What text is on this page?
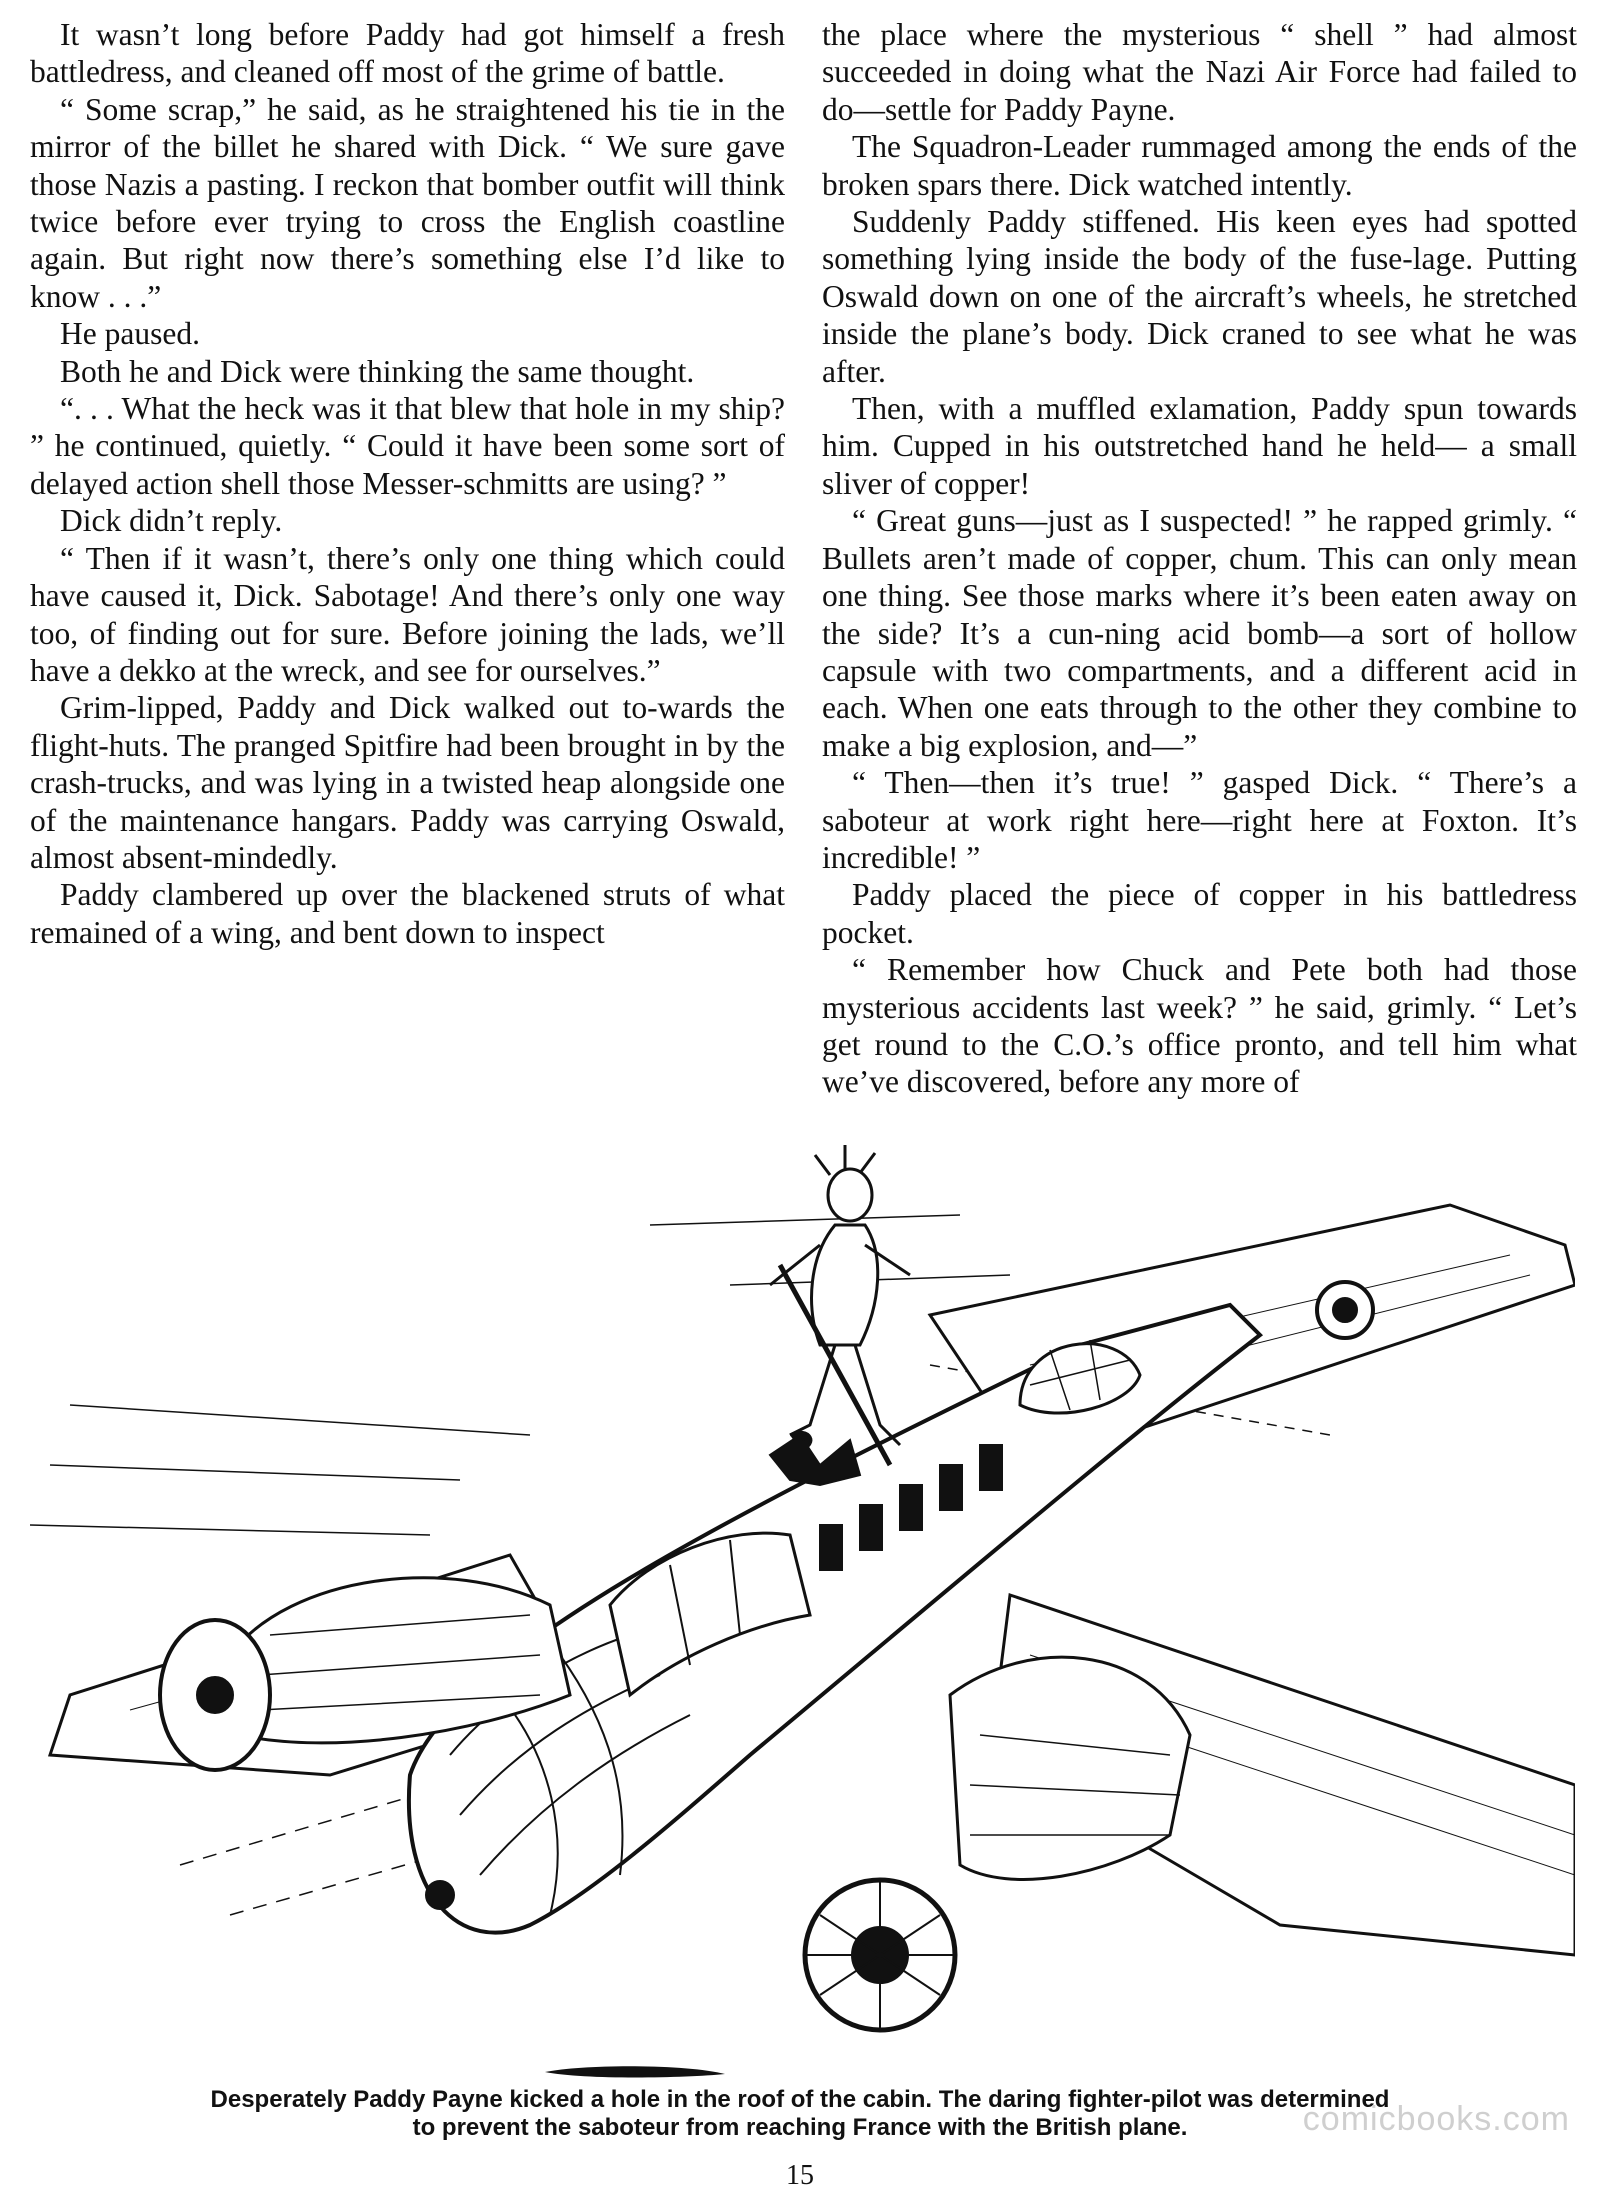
It wasn’t long before Paddy had got himself a fresh battledress, and cleaned off most of the grime of battle.

“ Some scrap,” he said, as he straightened his tie in the mirror of the billet he shared with Dick. “ We sure gave those Nazis a pasting. I reckon that bomber outfit will think twice before ever trying to cross the English coastline again. But right now there’s something else I’d like to know . . .”

He paused.

Both he and Dick were thinking the same thought.

“. . . What the heck was it that blew that hole in my ship? ” he continued, quietly. “ Could it have been some sort of delayed action shell those Messer-schmitts are using? ”

Dick didn’t reply.

“ Then if it wasn’t, there’s only one thing which could have caused it, Dick. Sabotage! And there’s only one way too, of finding out for sure. Before joining the lads, we’ll have a dekko at the wreck, and see for ourselves.”

Grim-lipped, Paddy and Dick walked out to-wards the flight-huts. The pranged Spitfire had been brought in by the crash-trucks, and was lying in a twisted heap alongside one of the maintenance hangars. Paddy was carrying Oswald, almost absent-mindedly.

Paddy clambered up over the blackened struts of what remained of a wing, and bent down to inspect

the place where the mysterious “ shell ” had almost succeeded in doing what the Nazi Air Force had failed to do—settle for Paddy Payne.

The Squadron-Leader rummaged among the ends of the broken spars there. Dick watched intently.

Suddenly Paddy stiffened. His keen eyes had spotted something lying inside the body of the fuse-lage. Putting Oswald down on one of the aircraft’s wheels, he stretched inside the plane’s body. Dick craned to see what he was after.

Then, with a muffled exlamation, Paddy spun towards him. Cupped in his outstretched hand he held— a small sliver of copper!

“ Great guns—just as I suspected! ” he rapped grimly. “ Bullets aren’t made of copper, chum. This can only mean one thing. See those marks where it’s been eaten away on the side? It’s a cun-ning acid bomb—a sort of hollow capsule with two compartments, and a different acid in each. When one eats through to the other they combine to make a big explosion, and—”

“ Then—then it’s true! ” gasped Dick. “ There’s a saboteur at work right here—right here at Foxton. It’s incredible! ”

Paddy placed the piece of copper in his battledress pocket.

“ Remember how Chuck and Pete both had those mysterious accidents last week? ” he said, grimly. “ Let’s get round to the C.O.’s office pronto, and tell him what we’ve discovered, before any more of

Desperately Paddy Payne kicked a hole in the roof of the cabin. The daring fighter-pilot was determined
to prevent the saboteur from reaching France with the British plane.	comicbooks.com
15
